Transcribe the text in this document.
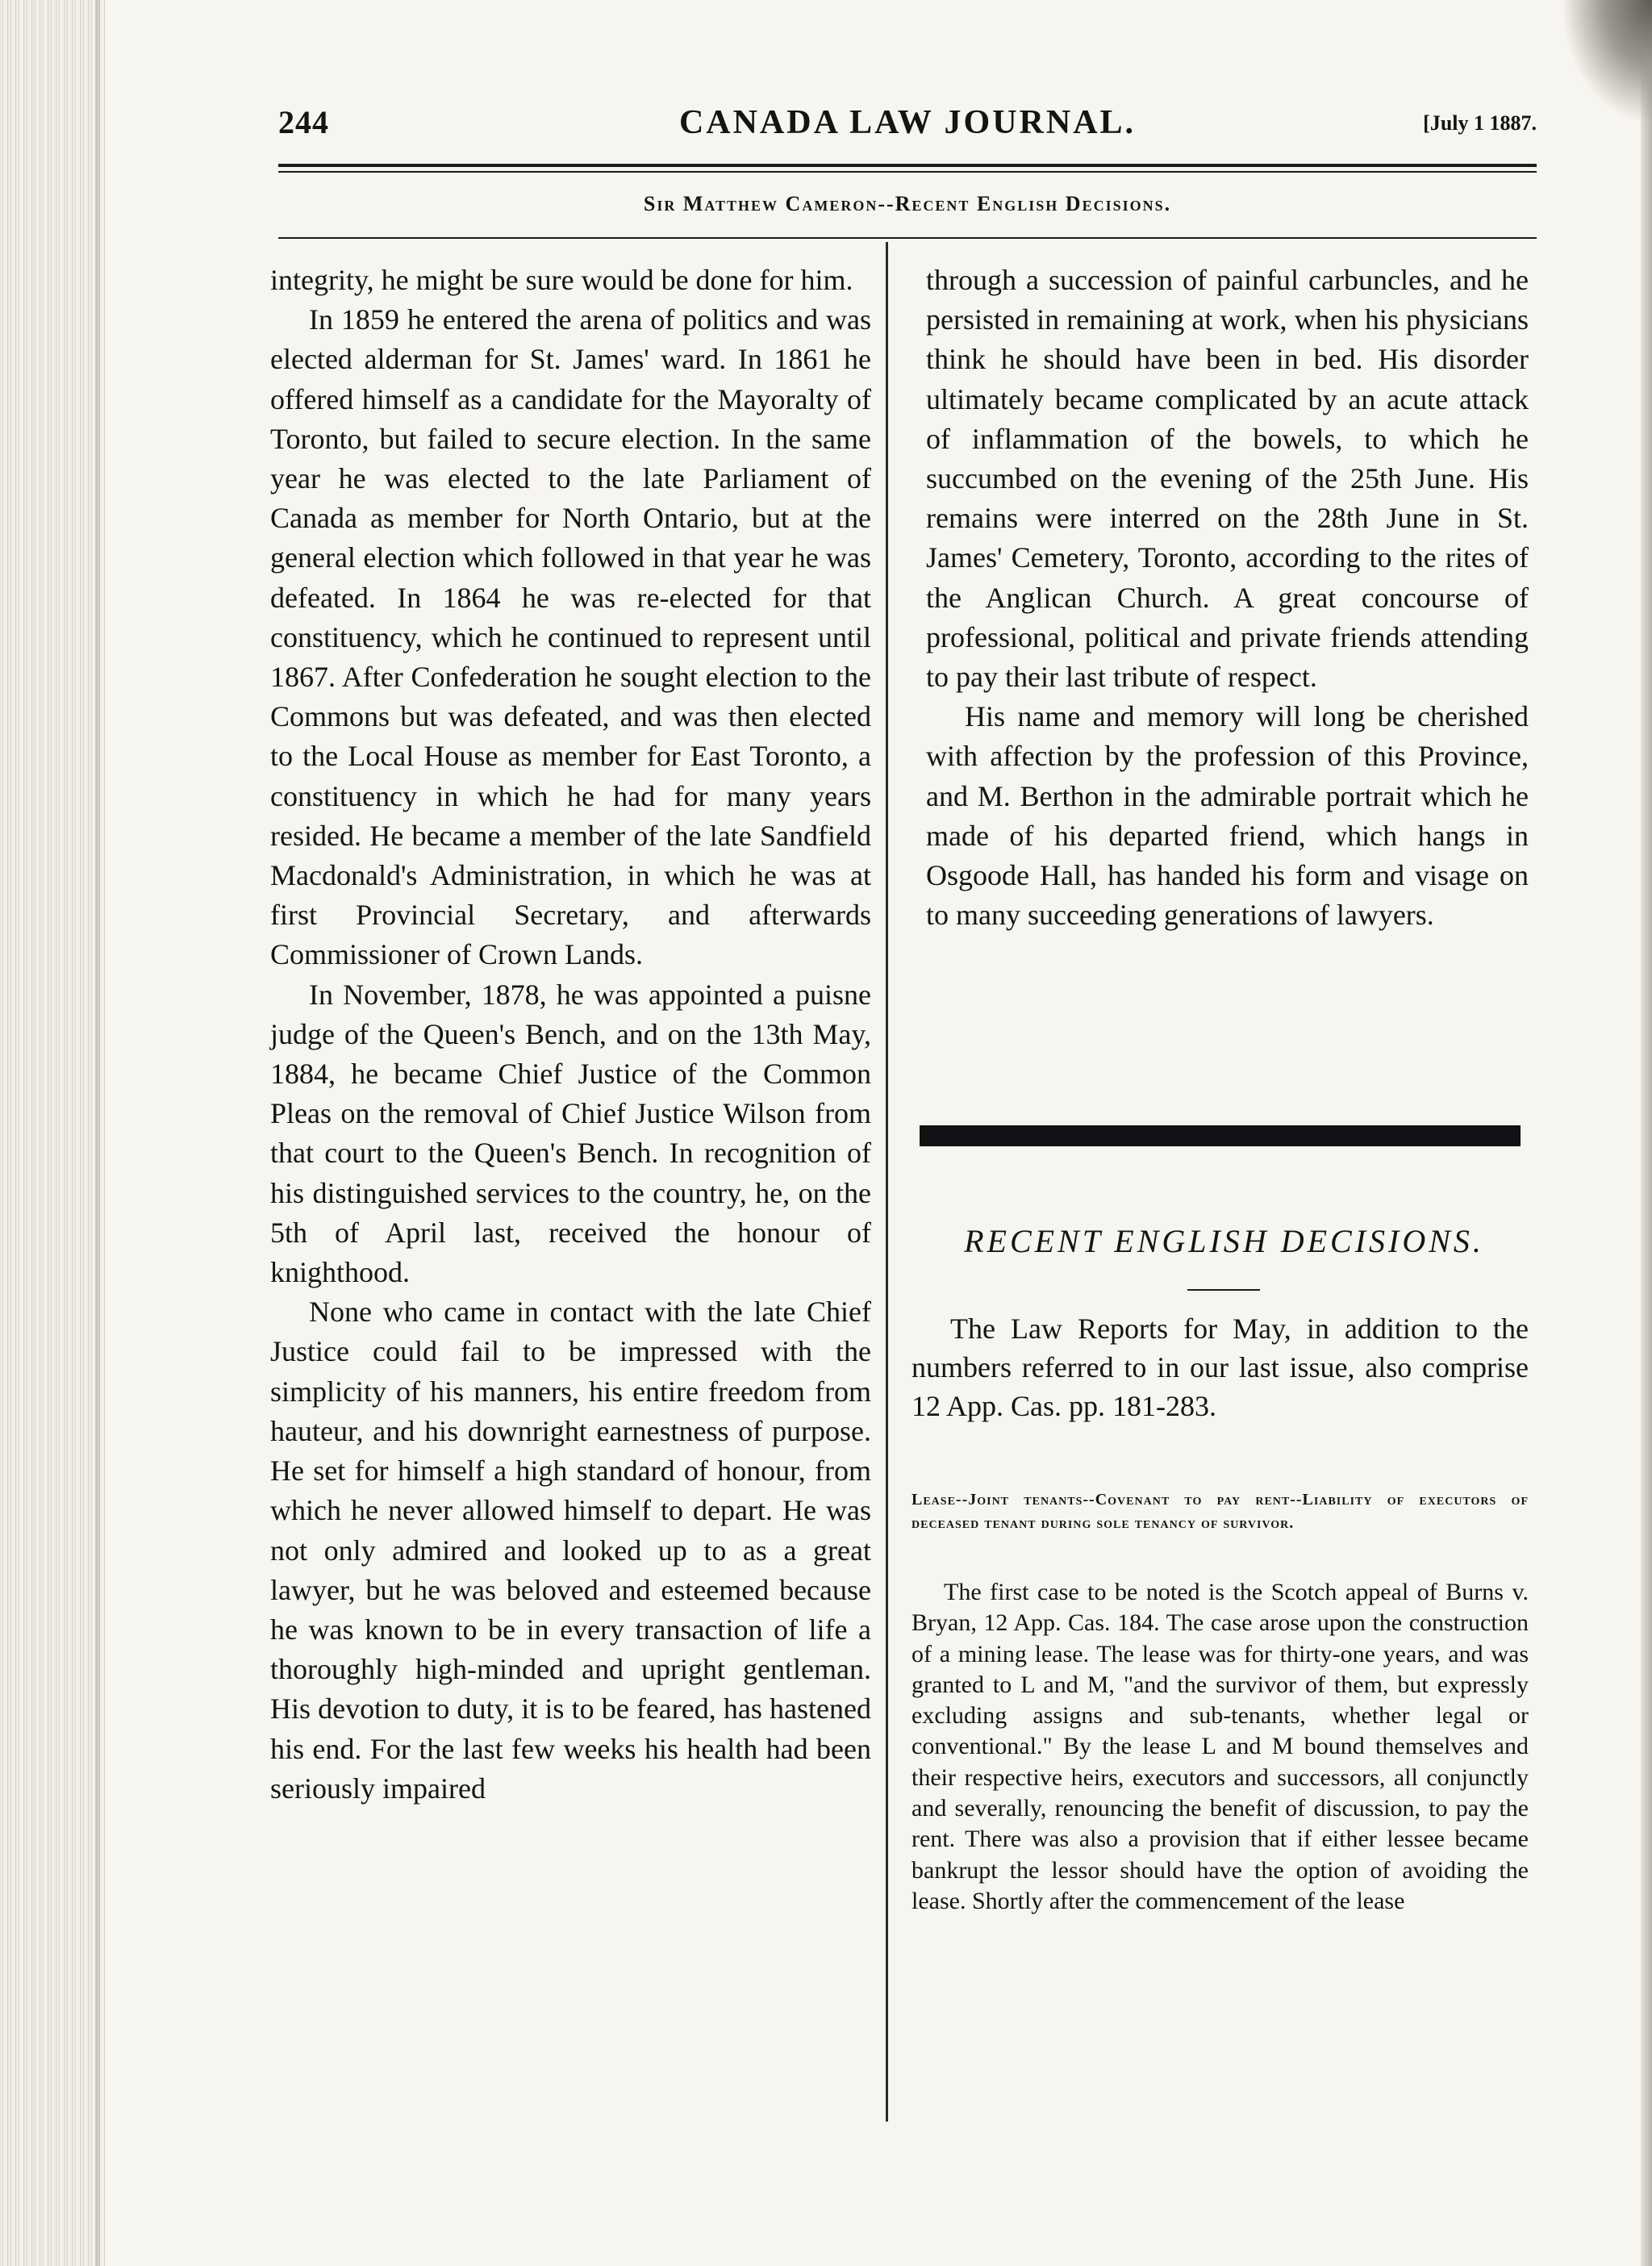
244	CANADA LAW JOURNAL.	[July 1 1887.
Sir Matthew Cameron--Recent English Decisions.

integrity, he might be sure would be done for him.

In 1859 he entered the arena of politics and was elected alderman for St. James' ward. In 1861 he offered himself as a candidate for the Mayoralty of Toronto, but failed to secure election. In the same year he was elected to the late Parliament of Canada as member for North Ontario, but at the general election which followed in that year he was defeated. In 1864 he was re-elected for that constituency, which he continued to represent until 1867. After Confederation he sought election to the Commons but was defeated, and was then elected to the Local House as member for East Toronto, a constituency in which he had for many years resided. He became a member of the late Sandfield Macdonald's Administration, in which he was at first Provincial Secretary, and afterwards Commissioner of Crown Lands.

In November, 1878, he was appointed a puisne judge of the Queen's Bench, and on the 13th May, 1884, he became Chief Justice of the Common Pleas on the removal of Chief Justice Wilson from that court to the Queen's Bench. In recognition of his distinguished services to the country, he, on the 5th of April last, received the honour of knighthood.

None who came in contact with the late Chief Justice could fail to be impressed with the simplicity of his manners, his entire freedom from hauteur, and his downright earnestness of purpose. He set for himself a high standard of honour, from which he never allowed himself to depart. He was not only admired and looked up to as a great lawyer, but he was beloved and esteemed because he was known to be in every transaction of life a thoroughly high-minded and upright gentleman. His devotion to duty, it is to be feared, has hastened his end. For the last few weeks his health had been seriously impaired

through a succession of painful carbuncles, and he persisted in remaining at work, when his physicians think he should have been in bed. His disorder ultimately became complicated by an acute attack of inflammation of the bowels, to which he succumbed on the evening of the 25th June. His remains were interred on the 28th June in St. James' Cemetery, Toronto, according to the rites of the Anglican Church. A great concourse of professional, political and private friends attending to pay their last tribute of respect.

His name and memory will long be cherished with affection by the profession of this Province, and M. Berthon in the admirable portrait which he made of his departed friend, which hangs in Osgoode Hall, has handed his form and visage on to many succeeding generations of lawyers.

RECENT ENGLISH DECISIONS.
The Law Reports for May, in addition to the numbers referred to in our last issue, also comprise 12 App. Cas. pp. 181-283.
Lease--Joint tenants--Covenant to pay rent--Liability of executors of deceased tenant during sole tenancy of survivor.
The first case to be noted is the Scotch appeal of Burns v. Bryan, 12 App. Cas. 184. The case arose upon the construction of a mining lease. The lease was for thirty-one years, and was granted to L and M, "and the survivor of them, but expressly excluding assigns and sub-tenants, whether legal or conventional." By the lease L and M bound themselves and their respective heirs, executors and successors, all conjunctly and severally, renouncing the benefit of discussion, to pay the rent. There was also a provision that if either lessee became bankrupt the lessor should have the option of avoiding the lease. Shortly after the commencement of the lease
